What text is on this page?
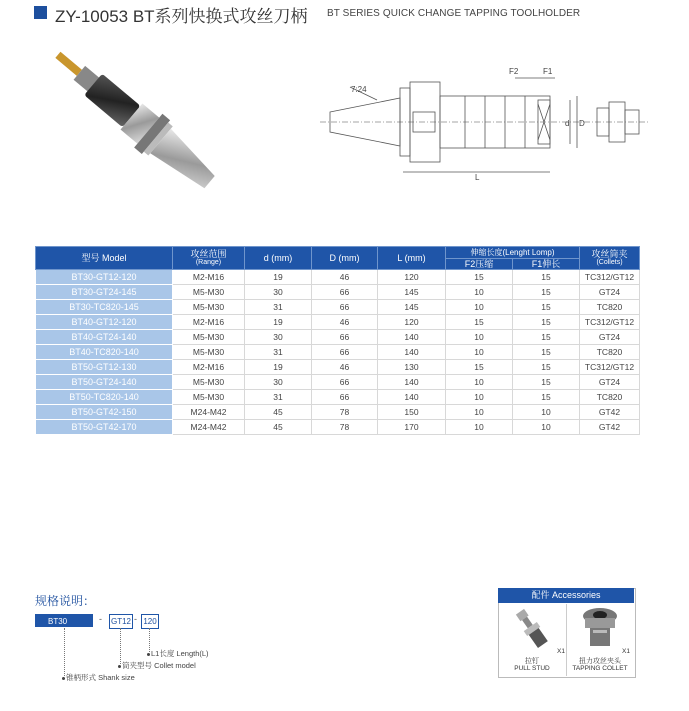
ZY-10053 BT系列快换式攻丝刀柄 BT SERIES QUICK CHANGE TAPPING TOOLHOLDER
7:24
F2	F1
d D
L
型号 Model	攻丝范围
(Range)	d (mm)	D (mm)	L (mm)	伸缩长度(Lenght Lomp)		攻丝筒夹
(Collets)

					F2压缩	F1伸长	
BT30-GT12-120	M2-M16	19	46	120	15	15	TC312/GT12
BT30-GT24-145	M5-M30	30	66	145	10	15	GT24
BT30-TC820-145	M5-M30	31	66	145	10	15	TC820
BT40-GT12-120	M2-M16	19	46	120	15	15	TC312/GT12
BT40-GT24-140	M5-M30	30	66	140	10	15	GT24
BT40-TC820-140	M5-M30	31	66	140	10	15	TC820
BT50-GT12-130	M2-M16	19	46	130	15	15	TC312/GT12
BT50-GT24-140	M5-M30	30	66	140	10	15	GT24
BT50-TC820-140	M5-M30	31	66	140	10	15	TC820
BT50-GT42-150	M24-M42	45	78	150	10	10	GT42
BT50-GT42-170	M24-M42	45	78	170	10	10	GT42
规格说明：
BT30	- GT12 - 120
L1长度 Length(L)
筒夹型号 Collet model
锥柄形式 Shank size
配件 Accessories
X1
拉钉
PULL STUD
X1
扭力攻丝夹头
TAPPING COLLET
